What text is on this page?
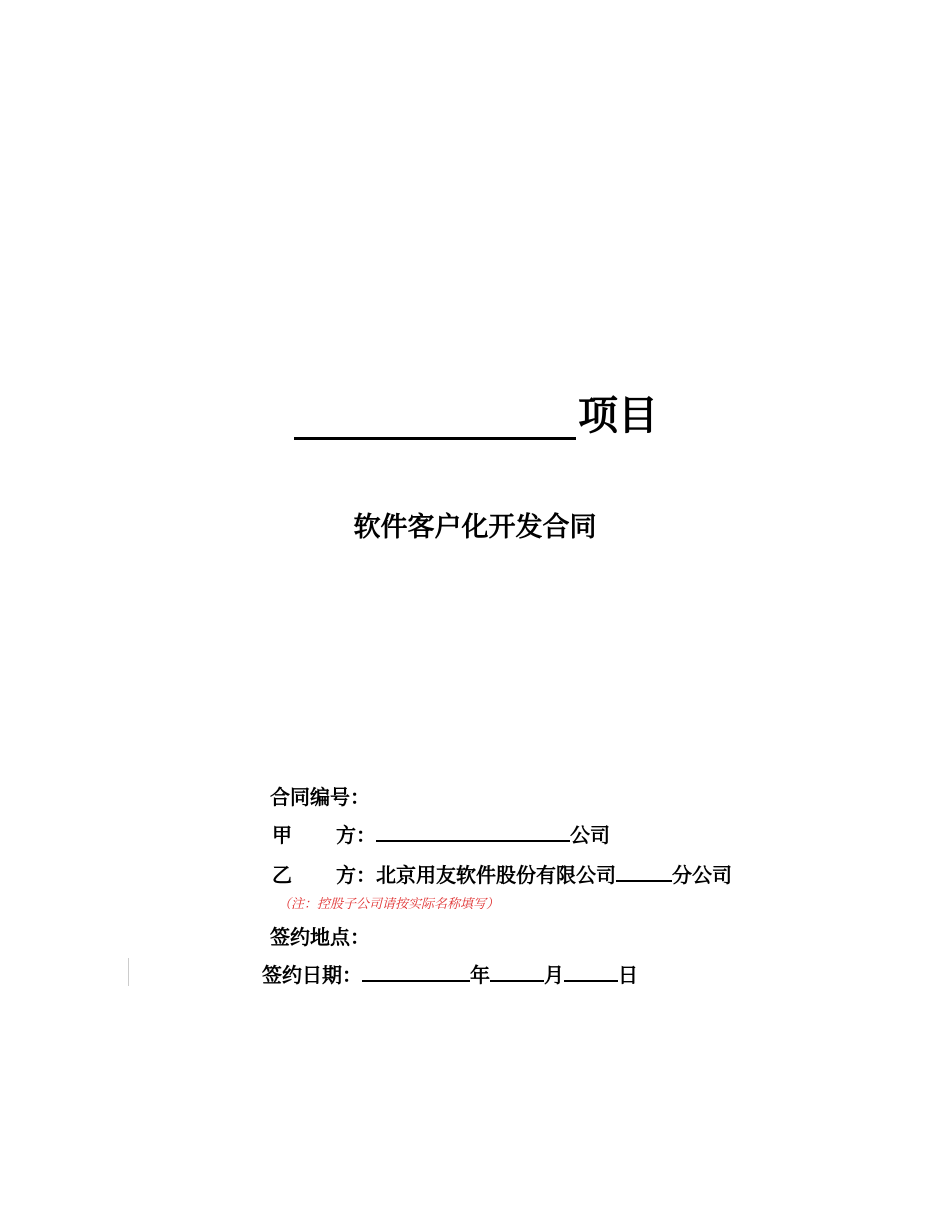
项目
软件客户化开发合同
合同编号：
甲 方：	公司
乙 方：北京用友软件股份有限公司	分公司
（注：控股子公司请按实际名称填写）
签约地点：
签约日期：	年	月	日
